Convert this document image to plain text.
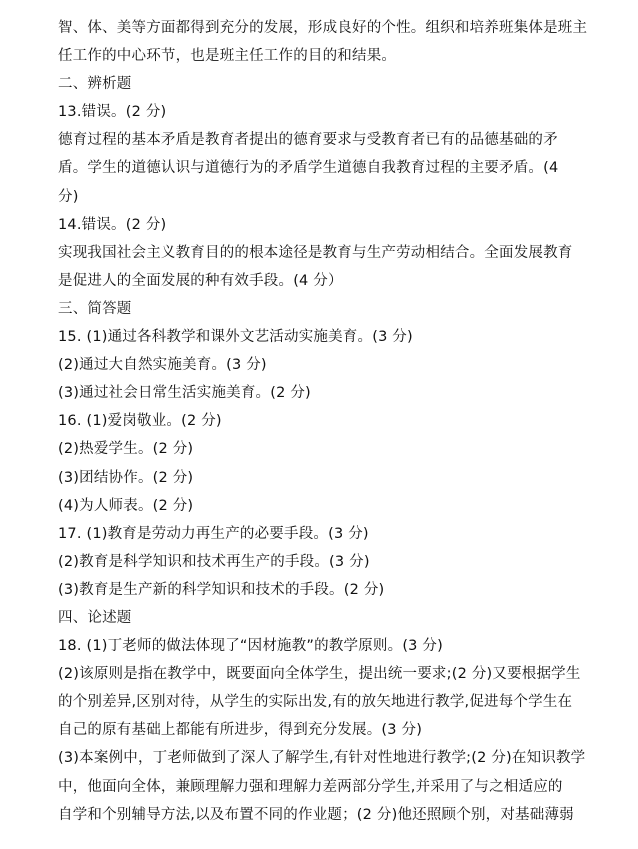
智、体、美等方面都得到充分的发展，形成良好的个性。组织和培养班集体是班主
任工作的中心环节，也是班主任工作的目的和结果。
二、辨析题
13.错误。(2 分)
德育过程的基本矛盾是教育者提出的德育要求与受教育者已有的品德基础的矛
盾。学生的道德认识与道德行为的矛盾学生道德自我教育过程的主要矛盾。(4
分)
14.错误。(2 分)
实现我国社会主义教育目的的根本途径是教育与生产劳动相结合。全面发展教育
是促进人的全面发展的种有效手段。(4 分）
三、简答题
15. (1)通过各科教学和课外文艺活动实施美育。(3 分)
(2)通过大自然实施美育。(3 分)
(3)通过社会日常生活实施美育。(2 分)
16. (1)爱岗敬业。(2 分)
(2)热爱学生。(2 分)
(3)团结协作。(2 分)
(4)为人师表。(2 分)
17. (1)教育是劳动力再生产的必要手段。(3 分)
(2)教育是科学知识和技术再生产的手段。(3 分)
(3)教育是生产新的科学知识和技术的手段。(2 分)
四、论述题
18. (1)丁老师的做法体现了“因材施教”的教学原则。(3 分)
(2)该原则是指在教学中，既要面向全体学生，提出统一要求;(2 分)又要根据学生
的个别差异,区别对待，从学生的实际出发,有的放矢地进行教学,促进每个学生在
自己的原有基础上都能有所进步，得到充分发展。(3 分)
(3)本案例中，丁老师做到了深人了解学生,有针对性地进行教学;(2 分)在知识教学
中，他面向全体，兼顾理解力强和理解力差两部分学生,并采用了与之相适应的
自学和个别辅导方法,以及布置不同的作业题；(2 分)他还照顾个别，对基础薄弱
